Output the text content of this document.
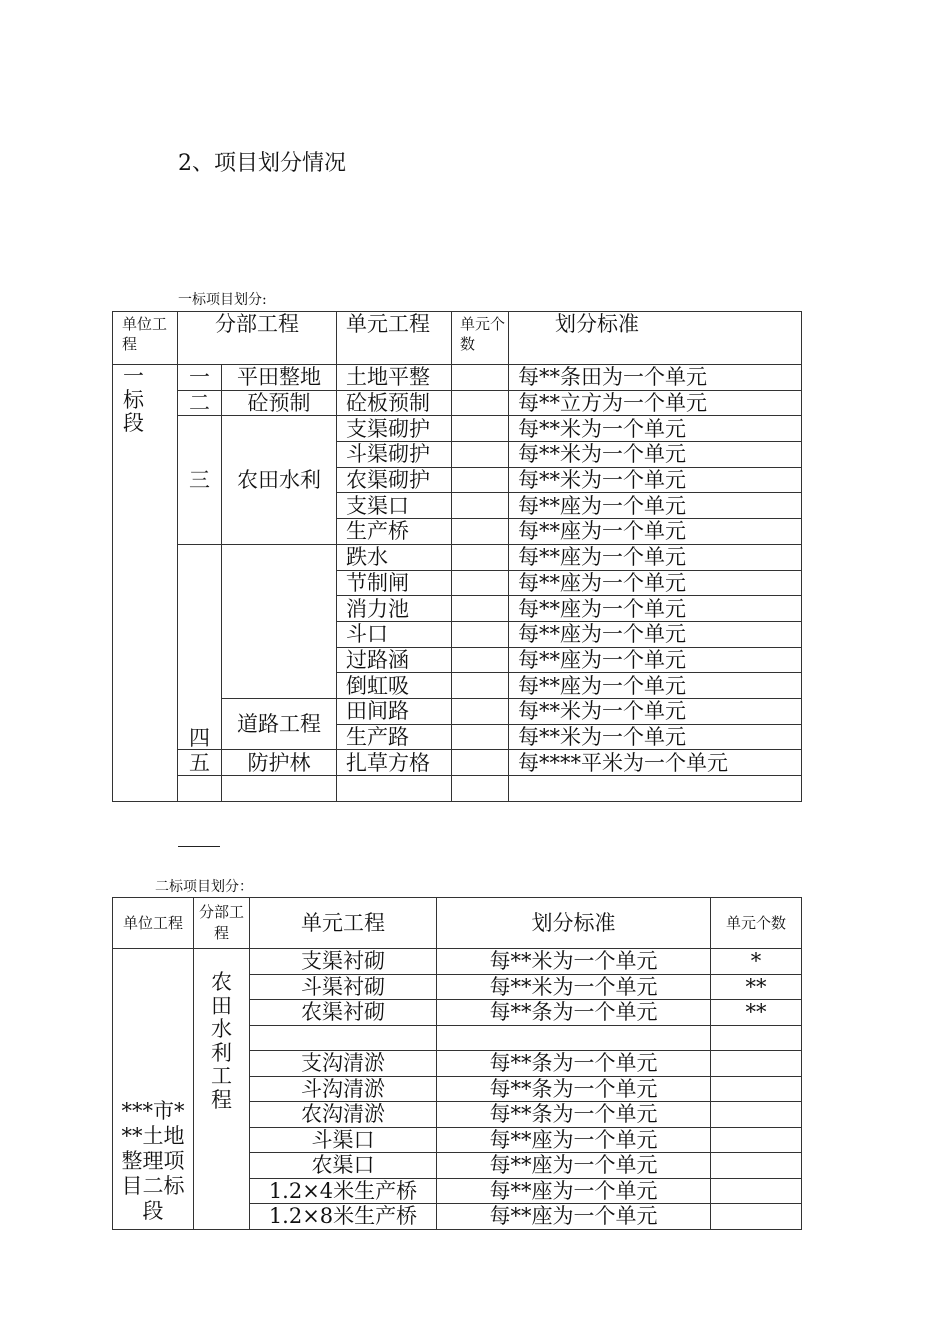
2、项目划分情况
一标项目划分:
单位工程	分部工程		单元工程	单元个数	划分标准
一标段	一	平田整地	土地平整		每**条田为一个单元
	二	砼预制	砼板预制		每**立方为一个单元
	三	农田水利	支渠砌护		每**米为一个单元
			斗渠砌护		每**米为一个单元
			农渠砌护		每**米为一个单元
			支渠口		每**座为一个单元
			生产桥		每**座为一个单元
	四		跌水		每**座为一个单元
			节制闸		每**座为一个单元
			消力池		每**座为一个单元
			斗口		每**座为一个单元
			过路涵		每**座为一个单元
			倒虹吸		每**座为一个单元
		道路工程	田间路		每**米为一个单元
			生产路		每**米为一个单元
	五	防护林	扎草方格		每****平米为一个单元

二标项目划分：
单位工程	分部工程	单元工程	划分标准	单元个数
***市***土地整理项目二标段	农田水利工程	支渠衬砌	每**米为一个单元	*
		斗渠衬砌	每**米为一个单元	**
		农渠衬砌	每**条为一个单元	**

		支沟清淤	每**条为一个单元	
		斗沟清淤	每**条为一个单元	
		农沟清淤	每**条为一个单元	
		斗渠口	每**座为一个单元	
		农渠口	每**座为一个单元	
		1.2×4米生产桥	每**座为一个单元	
		1.2×8米生产桥	每**座为一个单元	
